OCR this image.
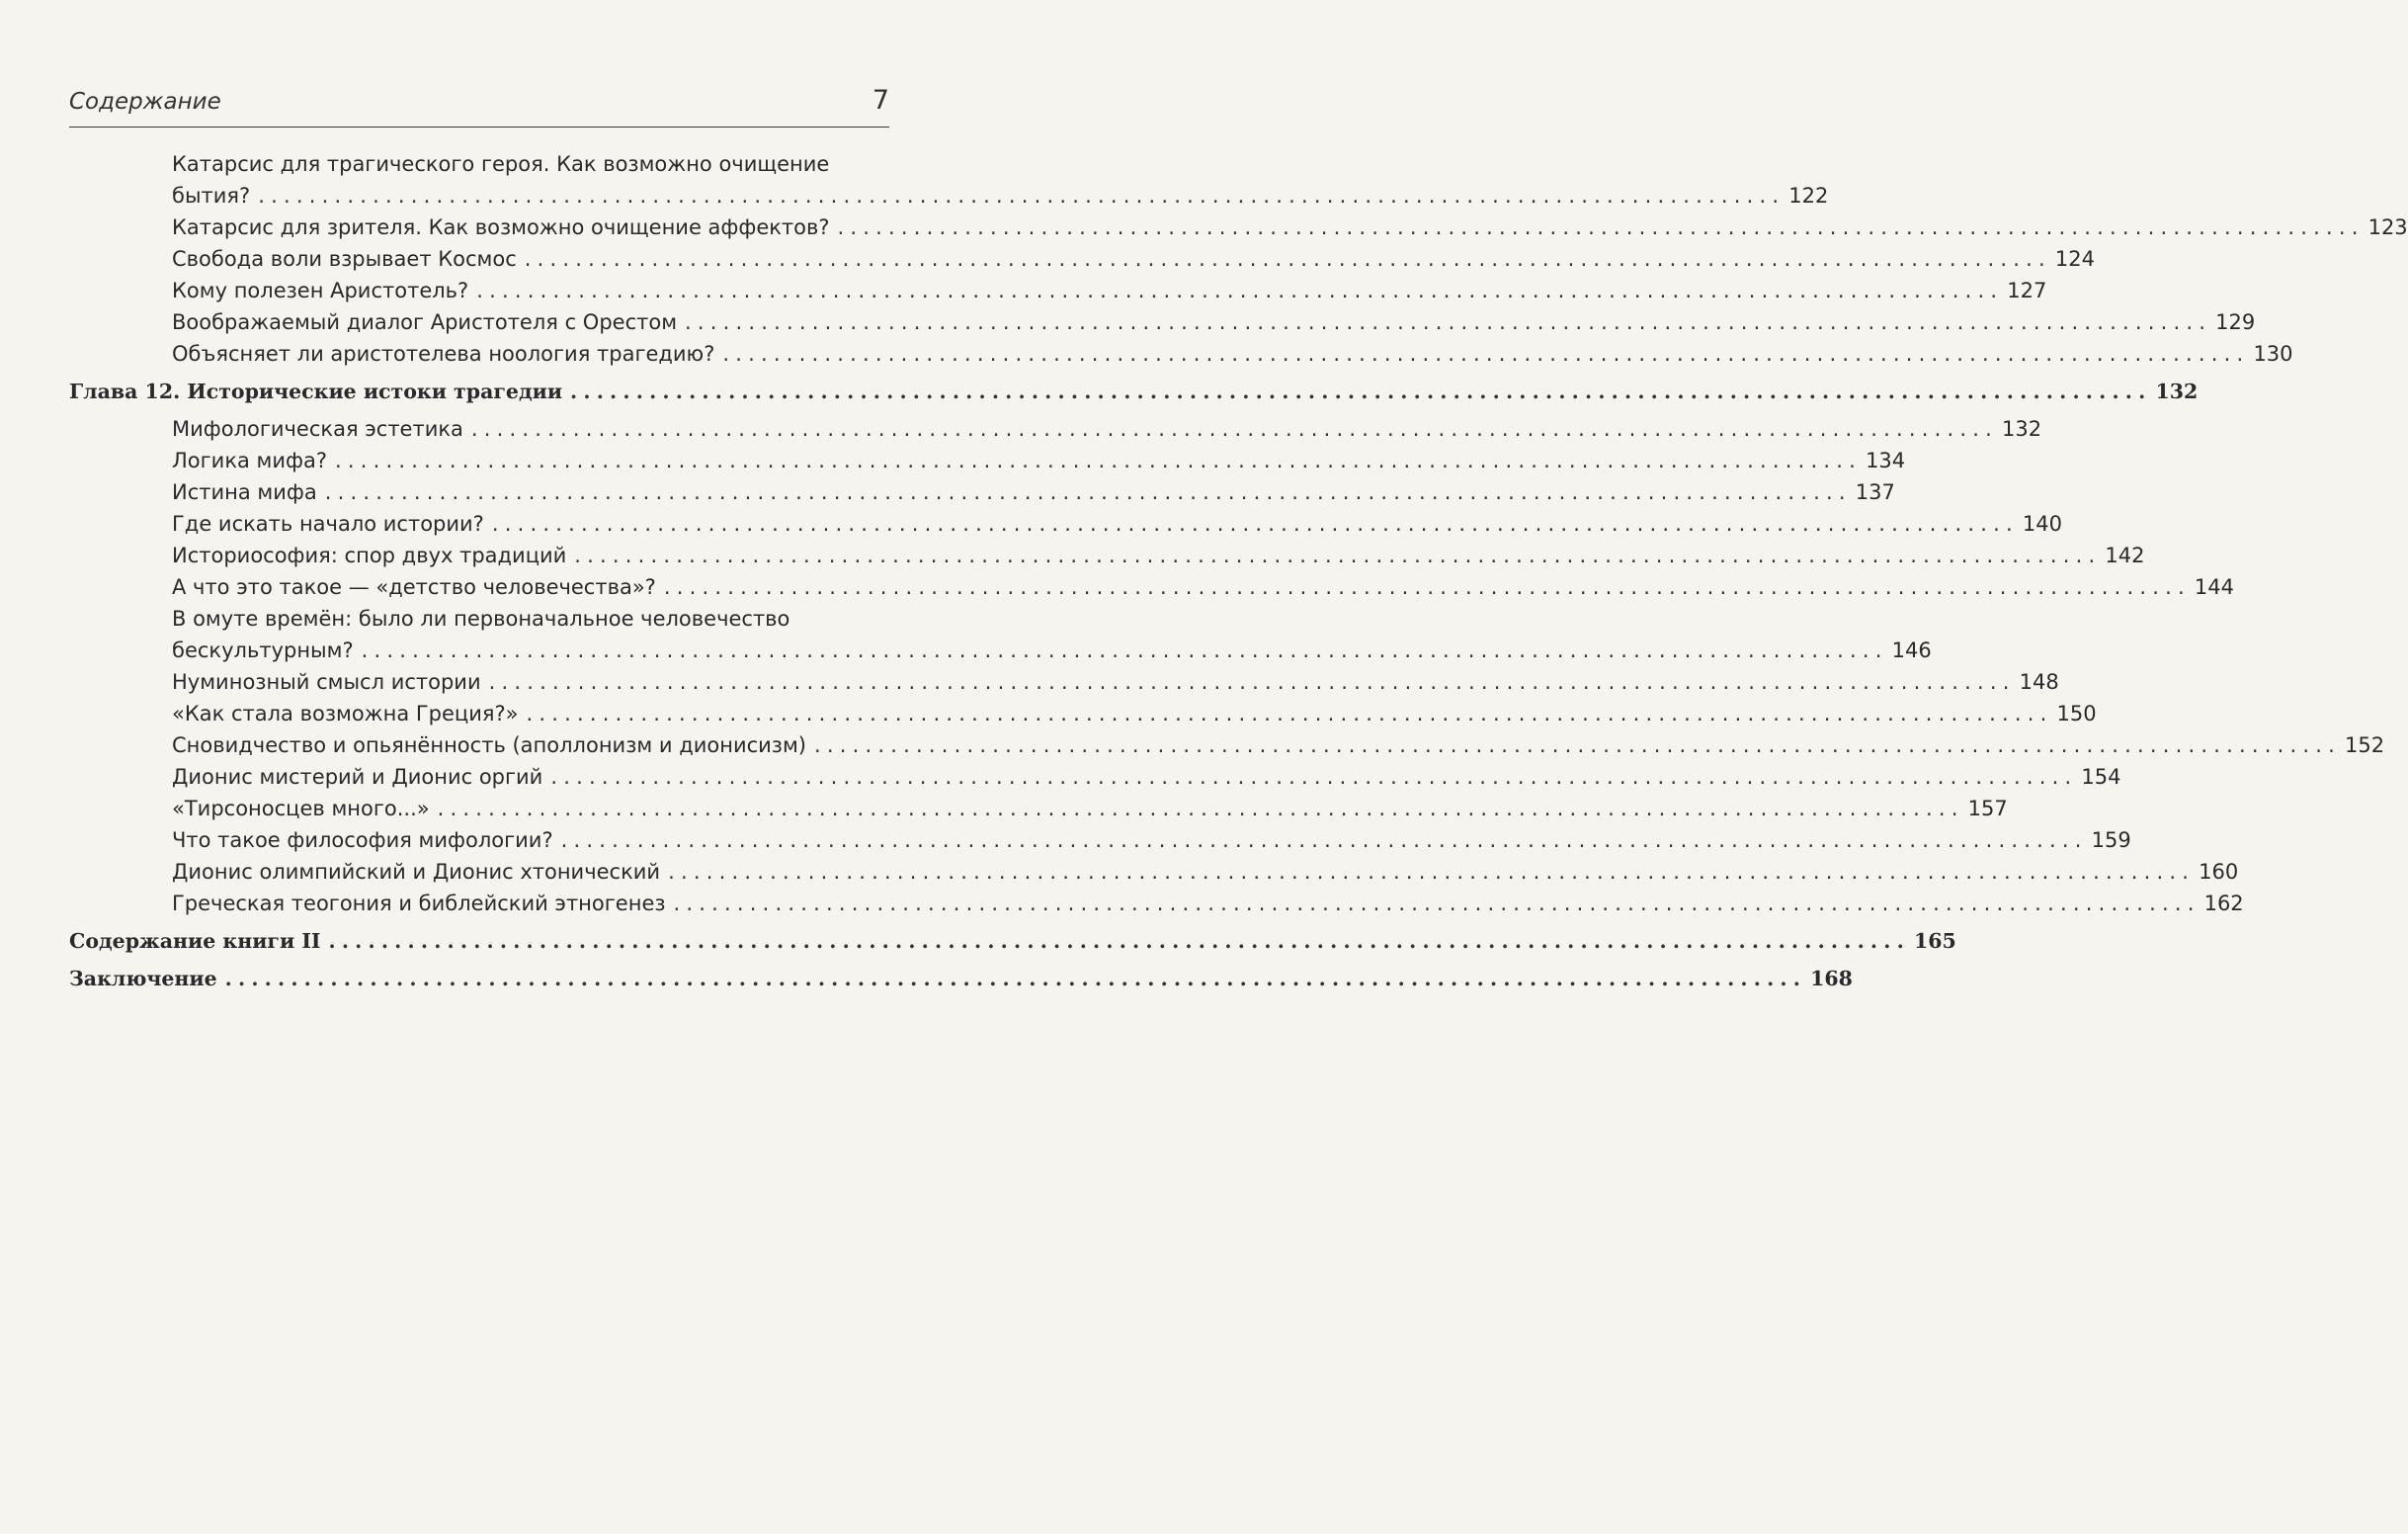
Содержание	7
Катарсис для трагического героя. Как возможно очищение
бытия? ........................................................................................................................ 122
Катарсис для зрителя. Как возможно очищение аффектов? ........................................................................................................................ 123
Свобода воли взрывает Космос ........................................................................................................................ 124
Кому полезен Аристотель? ........................................................................................................................ 127
Воображаемый диалог Аристотеля с Орестом ........................................................................................................................ 129
Объясняет ли аристотелева ноология трагедию? ........................................................................................................................ 130
Глава 12. Исторические истоки трагедии ........................................................................................................................ 132
Мифологическая эстетика ........................................................................................................................ 132
Логика мифа? ........................................................................................................................ 134
Истина мифа ........................................................................................................................ 137
Где искать начало истории? ........................................................................................................................ 140
Историософия: спор двух традиций ........................................................................................................................ 142
А что это такое — «детство человечества»? ........................................................................................................................ 144
В омуте времён: было ли первоначальное человечество
бескультурным? ........................................................................................................................ 146
Нуминозный смысл истории ........................................................................................................................ 148
«Как стала возможна Греция?» ........................................................................................................................ 150
Сновидчество и опьянённость (аполлонизм и дионисизм) ........................................................................................................................ 152
Дионис мистерий и Дионис оргий ........................................................................................................................ 154
«Тирсоносцев много...» ........................................................................................................................ 157
Что такое философия мифологии? ........................................................................................................................ 159
Дионис олимпийский и Дионис хтонический ........................................................................................................................ 160
Греческая теогония и библейский этногенез ........................................................................................................................ 162
Содержание книги II ........................................................................................................................ 165
Заключение ........................................................................................................................ 168
